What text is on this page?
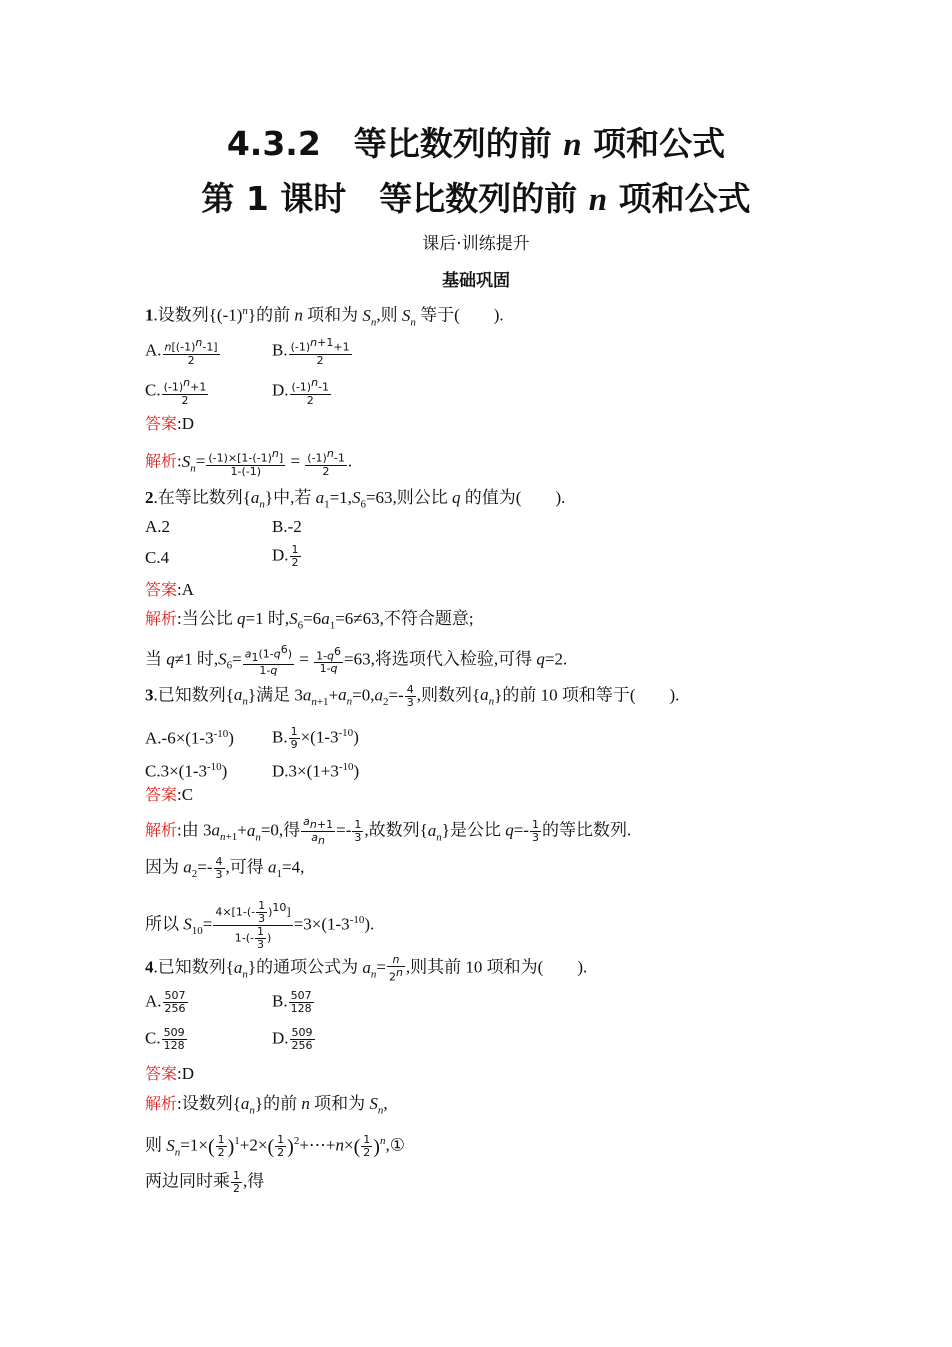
4.3.2　等比数列的前 n 项和公式
第 1 课时　等比数列的前 n 项和公式
课后·训练提升
基础巩固
1.设数列$\{(-1)^n\}$的前 n 项和为 $S_n$,则 $S_n$ 等于(　　).
A. $\frac{n[(-1)^n-1]}{2}$	B. $\frac{(-1)^{n+1}+1}{2}$
C. $\frac{(-1)^n+1}{2}$	D. $\frac{(-1)^n-1}{2}$
答案:D
解析$:S_n= \frac{(-1)\times[1-(-1)^n]}{1-(-1)} = \frac{(-1)^n-1}{2}$ .
2.在等比数列$\{a_n\}$中,若 $a_1=1,S_6=63$,则公比 q 的值为(　　).
A.2	B.-2
C.4	D. $\frac{1}{2}$
答案:A
解析:当公比 q=1 时$,S_6=6a_1=6\ne 63$,不符合题意;
当 q≠1 时$,S_6= \frac{a_1(1-q^6)}{1-q} = \frac{1-q^6}{1-q} =63$,将选项代入检验,可得 q=2.
3.已知数列$\{a_n\}$满足 $3a_{n+1}+a_n=0,a_2=- \frac{4}{3}$ ,则数列$\{a_n\}$的前 10 项和等于(　　).
$A.-6\times(1-3^{-10})$ B. $\frac{1}{9} \times(1-3^{-10})$
$C.3\times(1-3^{-10})$	$D.3\times(1+3^{-10})$
答案:C
解析:由 $3a_{n+1}+a_n=0$,得 $\frac{a_{n+1}}{a_n} =- \frac{1}{3}$ ,故数列$\{a_n\}$是公比 $q=- \frac{1}{3}$ 的等比数列.
因为 $a_2=- \frac{4}{3}$ ,可得 $a_1=4$,
所以 $S_{10}= \frac{4\times[1-(- \frac{1}{3} )^{10}]}{1-(- \frac{1}{3} )} =3\times(1-3^{-10})$.
4.已知数列$\{a_n\}$的通项公式为 $a_n= \frac{n}{2^n}$ ,则其前 10 项和为(　　).
A. $\frac{507}{256}$	B. $\frac{507}{128}$
C. $\frac{509}{128}$	D. $\frac{509}{256}$
答案:D
解析:设数列$\{a_n\}$的前 n 项和为 $S_n$,
则 $S_n=1\times( \frac{1}{2} )^1+2\times( \frac{1}{2}$ )$^2+\cdots+n\times( \frac{1}{2}$ )$^n$,①
两边同时乘 $\frac{1}{2}$ ,得
